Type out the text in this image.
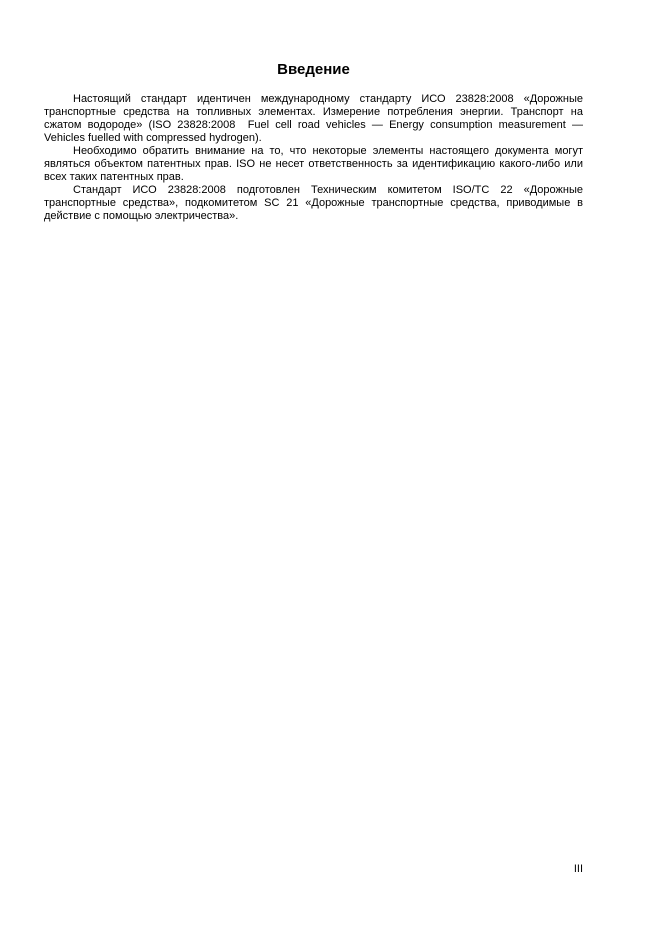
Введение

Настоящий стандарт идентичен международному стандарту ИСО 23828:2008 «Дорожные транспортные средства на топливных элементах. Измерение потребления энергии. Транспорт на сжатом водороде» (ISO 23828:2008  Fuel cell road vehicles — Energy consumption measurement — Vehicles fuelled with compressed hydrogen).

Необходимо обратить внимание на то, что некоторые элементы настоящего документа могут являться объектом патентных прав. ISO не несет ответственность за идентификацию какого-либо или всех таких патентных прав.

Стандарт ИСО 23828:2008 подготовлен Техническим комитетом ISO/TC 22 «Дорожные транспортные средства», подкомитетом SC 21 «Дорожные транспортные средства, приводимые в действие с помощью электричества».

III
